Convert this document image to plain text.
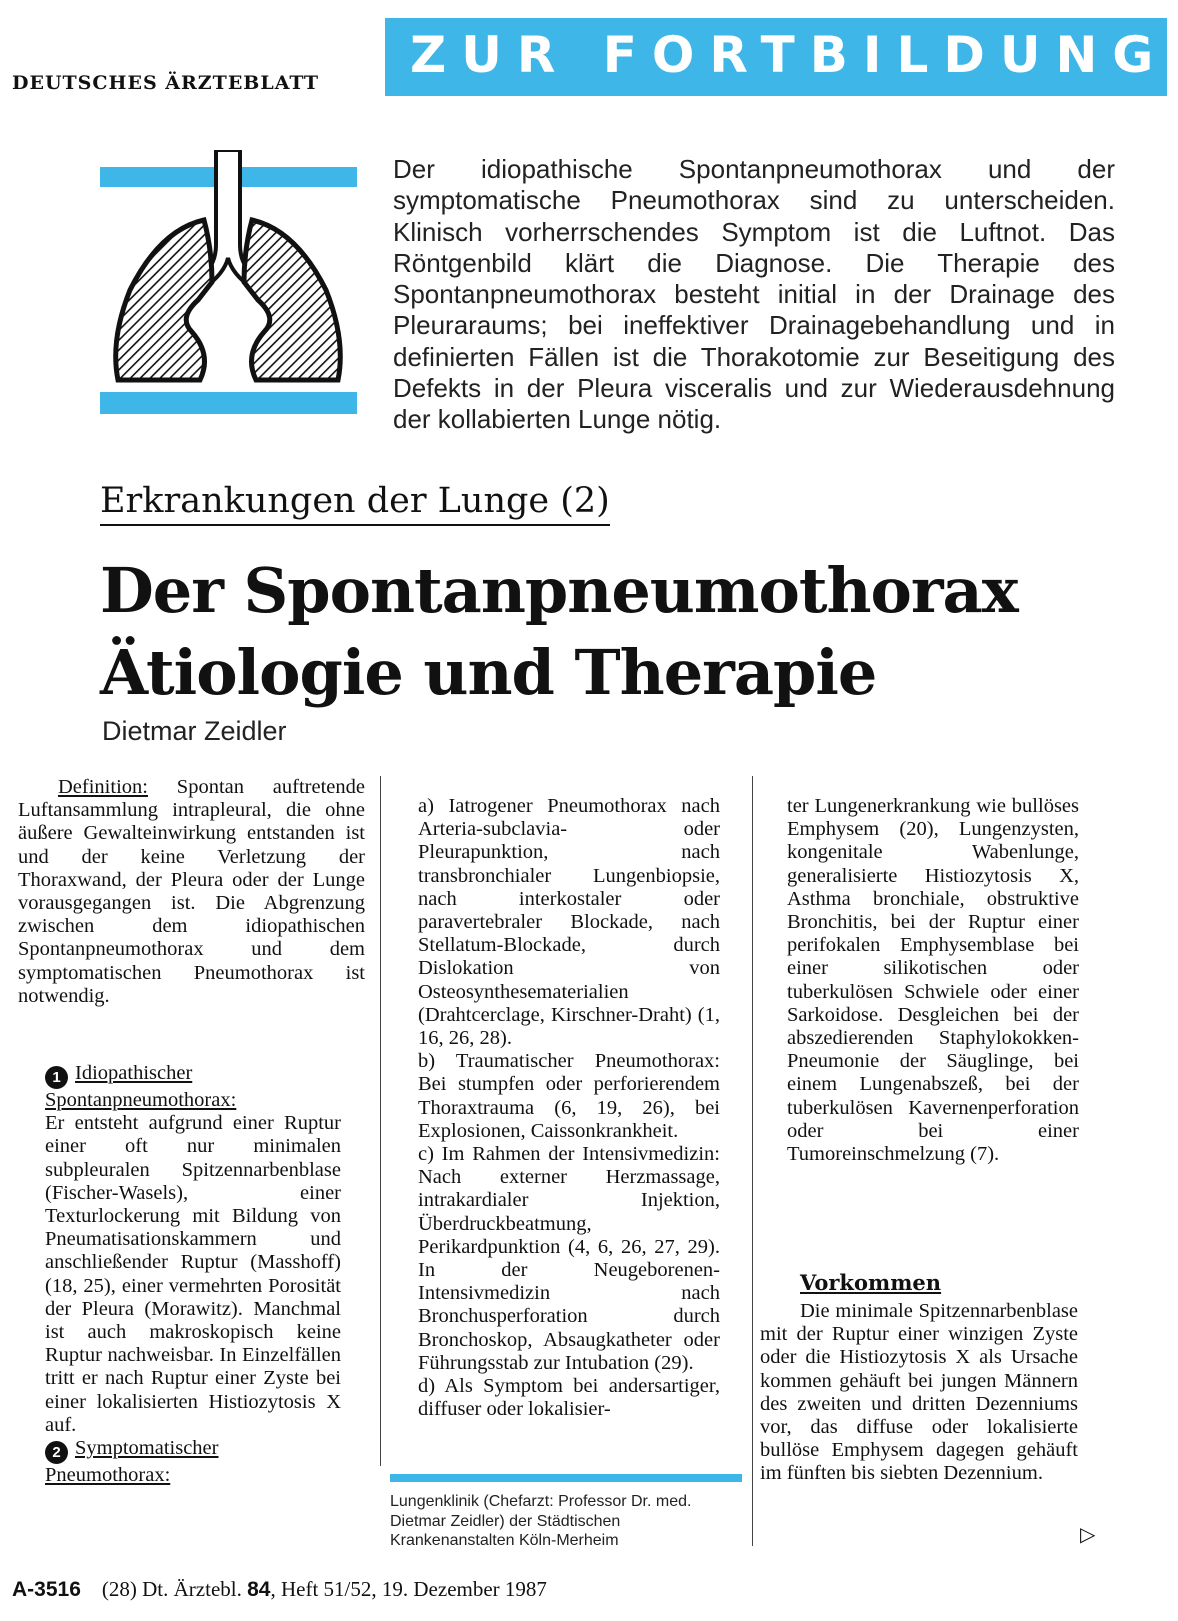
DEUTSCHES ÄRZTEBLATT ZUR FORTBILDUNG
Der idiopathische Spontanpneumothorax und der symptomatische Pneumothorax sind zu unterscheiden. Klinisch vorherrschendes Symptom ist die Luftnot. Das Röntgenbild klärt die Diagnose. Die Therapie des Spontanpneumothorax besteht initial in der Drainage des Pleuraraums; bei ineffektiver Drainagebehandlung und in definierten Fällen ist die Thorakotomie zur Beseitigung des Defekts in der Pleura visceralis und zur Wiederausdehnung der kollabierten Lunge nötig.
Erkrankungen der Lunge (2)
Der Spontanpneumothorax
Ätiologie und Therapie
Dietmar Zeidler

Definition: Spontan auftretende Luftansammlung intrapleural, die ohne äußere Gewalteinwirkung entstanden ist und der keine Verletzung der Thoraxwand, der Pleura oder der Lunge vorausgegangen ist. Die Abgrenzung zwischen dem idiopathischen Spontanpneumothorax und dem symptomatischen Pneumothorax ist notwendig.

1 Idiopathischer Spontanpneumothorax:

Er entsteht aufgrund einer Ruptur einer oft nur minimalen subpleuralen Spitzennarbenblase (Fischer-Wasels), einer Texturlockerung mit Bildung von Pneumatisationskammern und anschließender Ruptur (Masshoff) (18, 25), einer vermehrten Porosität der Pleura (Morawitz). Manchmal ist auch makroskopisch keine Ruptur nachweisbar. In Einzelfällen tritt er nach Ruptur einer Zyste bei einer lokalisierten Histiozytosis X auf.

2 Symptomatischer Pneumothorax:

a) Iatrogener Pneumothorax nach Arteria-subclavia- oder Pleurapunktion, nach transbronchialer Lungenbiopsie, nach interkostaler oder paravertebraler Blockade, nach Stellatum-Blockade, durch Dislokation von Osteosynthesematerialien (Drahtcerclage, Kirschner-Draht) (1, 16, 26, 28).

b) Traumatischer Pneumothorax: Bei stumpfen oder perforierendem Thoraxtrauma (6, 19, 26), bei Explosionen, Caissonkrankheit.

c) Im Rahmen der Intensivmedizin: Nach externer Herzmassage, intrakardialer Injektion, Überdruckbeatmung, Perikardpunktion (4, 6, 26, 27, 29). In der Neugeborenen-Intensivmedizin nach Bronchusperforation durch Bronchoskop, Absaugkatheter oder Führungsstab zur Intubation (29).

d) Als Symptom bei andersartiger, diffuser oder lokalisier-

Lungenklinik (Chefarzt: Professor Dr. med. Dietmar Zeidler) der Städtischen Krankenanstalten Köln-Merheim
ter Lungenerkrankung wie bullöses Emphysem (20), Lungenzysten, kongenitale Wabenlunge, generalisierte Histiozytosis X, Asthma bronchiale, obstruktive Bronchitis, bei der Ruptur einer perifokalen Emphysemblase bei einer silikotischen oder tuberkulösen Schwiele oder einer Sarkoidose. Desgleichen bei der abszedierenden Staphylokokken-Pneumonie der Säuglinge, bei einem Lungenabszeß, bei der tuberkulösen Kavernenperforation oder bei einer Tumoreinschmelzung (7).
Vorkommen

Die minimale Spitzennarbenblase mit der Ruptur einer winzigen Zyste oder die Histiozytosis X als Ursache kommen gehäuft bei jungen Männern des zweiten und dritten Dezenniums vor, das diffuse oder lokalisierte bullöse Emphysem dagegen gehäuft im fünften bis siebten Dezennium.

▷
A-3516 (28) Dt. Ärztebl. 84, Heft 51/52, 19. Dezember 1987
